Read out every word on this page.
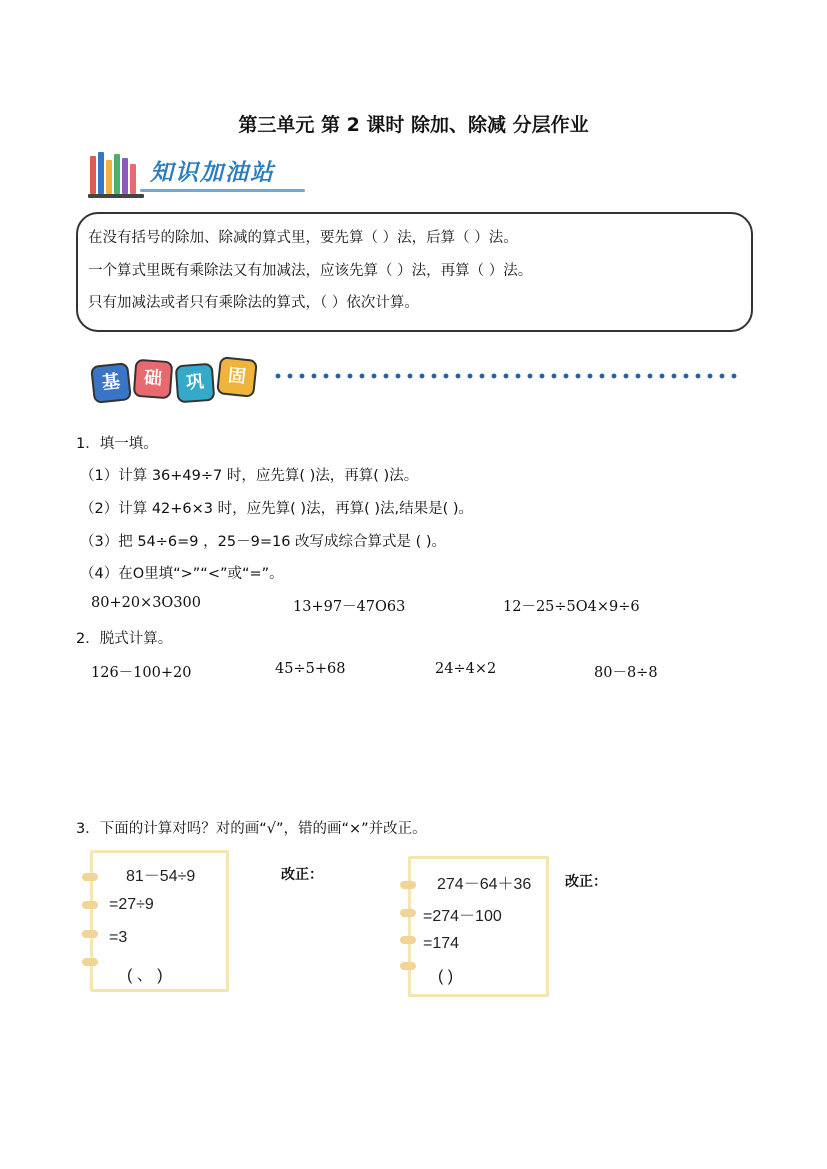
第三单元 第 2 课时 除加、除减 分层作业
知识加油站
在没有括号的除加、除减的算式里，要先算（ ）法，后算（ ）法。
一个算式里既有乘除法又有加减法，应该先算（ ）法，再算（ ）法。
只有加减法或者只有乘除法的算式，（ ）依次计算。
基	础	巩	固
1．填一填。
（1）计算 36+49÷7 时，应先算( )法，再算( )法。
（2）计算 42+6×3 时，应先算( )法，再算( )法,结果是( )。
（3）把 54÷6=9 ，25－9=16 改写成综合算式是 ( )。
（4）在O里填“>”“<”或“=”。
80+20×3O300	13+97－47O63	12－25÷5O4×9÷6
2．脱式计算。
126－100+20	45÷5+68	24÷4×2	80－8÷8
3．下面的计算对吗？对的画“√”，错的画“×”并改正。
81－54÷9
=27÷9
=3
( 、 )
改正：
274－64＋36
=274－100
=174
( )
改正：
